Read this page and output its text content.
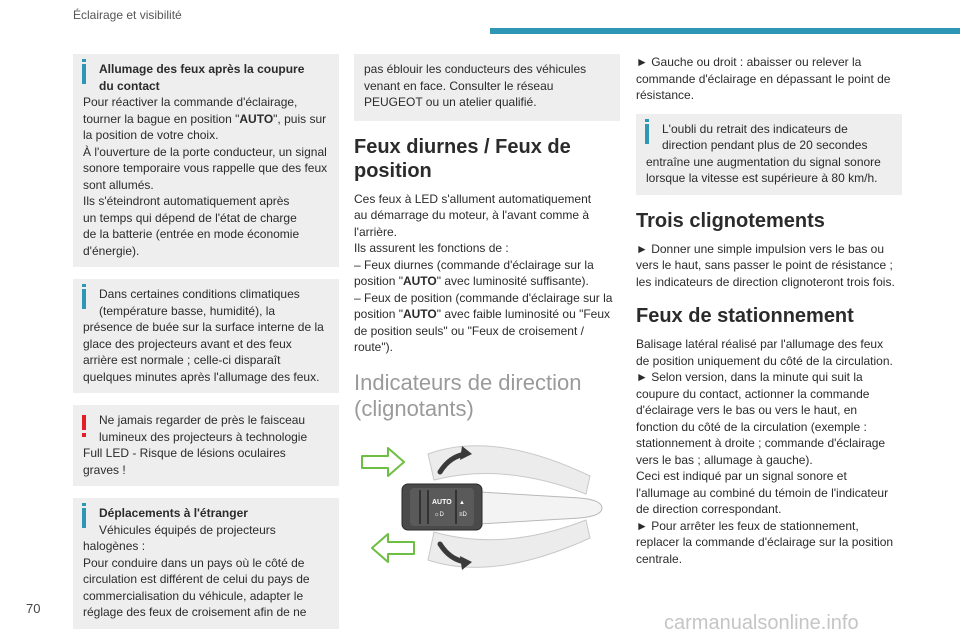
Éclairage et visibilité

Allumage des feux après la coupure

du contact

Pour réactiver la commande d'éclairage,

tourner la bague en position "AUTO", puis sur

la position de votre choix.

À l'ouverture de la porte conducteur, un signal

sonore temporaire vous rappelle que des feux

sont allumés.

Ils s'éteindront automatiquement après

un temps qui dépend de l'état de charge

de la batterie (entrée en mode économie

d'énergie).

Dans certaines conditions climatiques

(température basse, humidité), la

présence de buée sur la surface interne de la

glace des projecteurs avant et des feux

arrière est normale ; celle-ci disparaît

quelques minutes après l'allumage des feux.

Ne jamais regarder de près le faisceau

lumineux des projecteurs à technologie

Full LED - Risque de lésions oculaires

graves !

Déplacements à l'étranger

Véhicules équipés de projecteurs

halogènes :

Pour conduire dans un pays où le côté de

circulation est différent de celui du pays de

commercialisation du véhicule, adapter le

réglage des feux de croisement afin de ne

pas éblouir les conducteurs des véhicules

venant en face. Consulter le réseau

PEUGEOT ou un atelier qualifié.

Feux diurnes / Feux de
position

Ces feux à LED s'allument automatiquement

au démarrage du moteur, à l'avant comme à

l'arrière.

Ils assurent les fonctions de :

– Feux diurnes (commande d'éclairage sur la

position "AUTO" avec luminosité suffisante).

– Feux de position (commande d'éclairage sur la

position "AUTO" avec faible luminosité ou "Feux

de position seuls" ou "Feux de croisement /

route").

Indicateurs de direction
(clignotants)
AUTO
☼D
▲
≡D

► Gauche ou droit : abaisser ou relever la

commande d'éclairage en dépassant le point de

résistance.

L'oubli du retrait des indicateurs de

direction pendant plus de 20 secondes

entraîne une augmentation du signal sonore

lorsque la vitesse est supérieure à 80 km/h.

Trois clignotements

► Donner une simple impulsion vers le bas ou

vers le haut, sans passer le point de résistance ;

les indicateurs de direction clignoteront trois fois.

Feux de stationnement

Balisage latéral réalisé par l'allumage des feux

de position uniquement du côté de la circulation.

► Selon version, dans la minute qui suit la

coupure du contact, actionner la commande

d'éclairage vers le bas ou vers le haut, en

fonction du côté de la circulation (exemple :

stationnement à droite ; commande d'éclairage

vers le bas ; allumage à gauche).

Ceci est indiqué par un signal sonore et

l'allumage au combiné du témoin de l'indicateur

de direction correspondant.

► Pour arrêter les feux de stationnement,

replacer la commande d'éclairage sur la position

centrale.

70
carmanualsonline.info
